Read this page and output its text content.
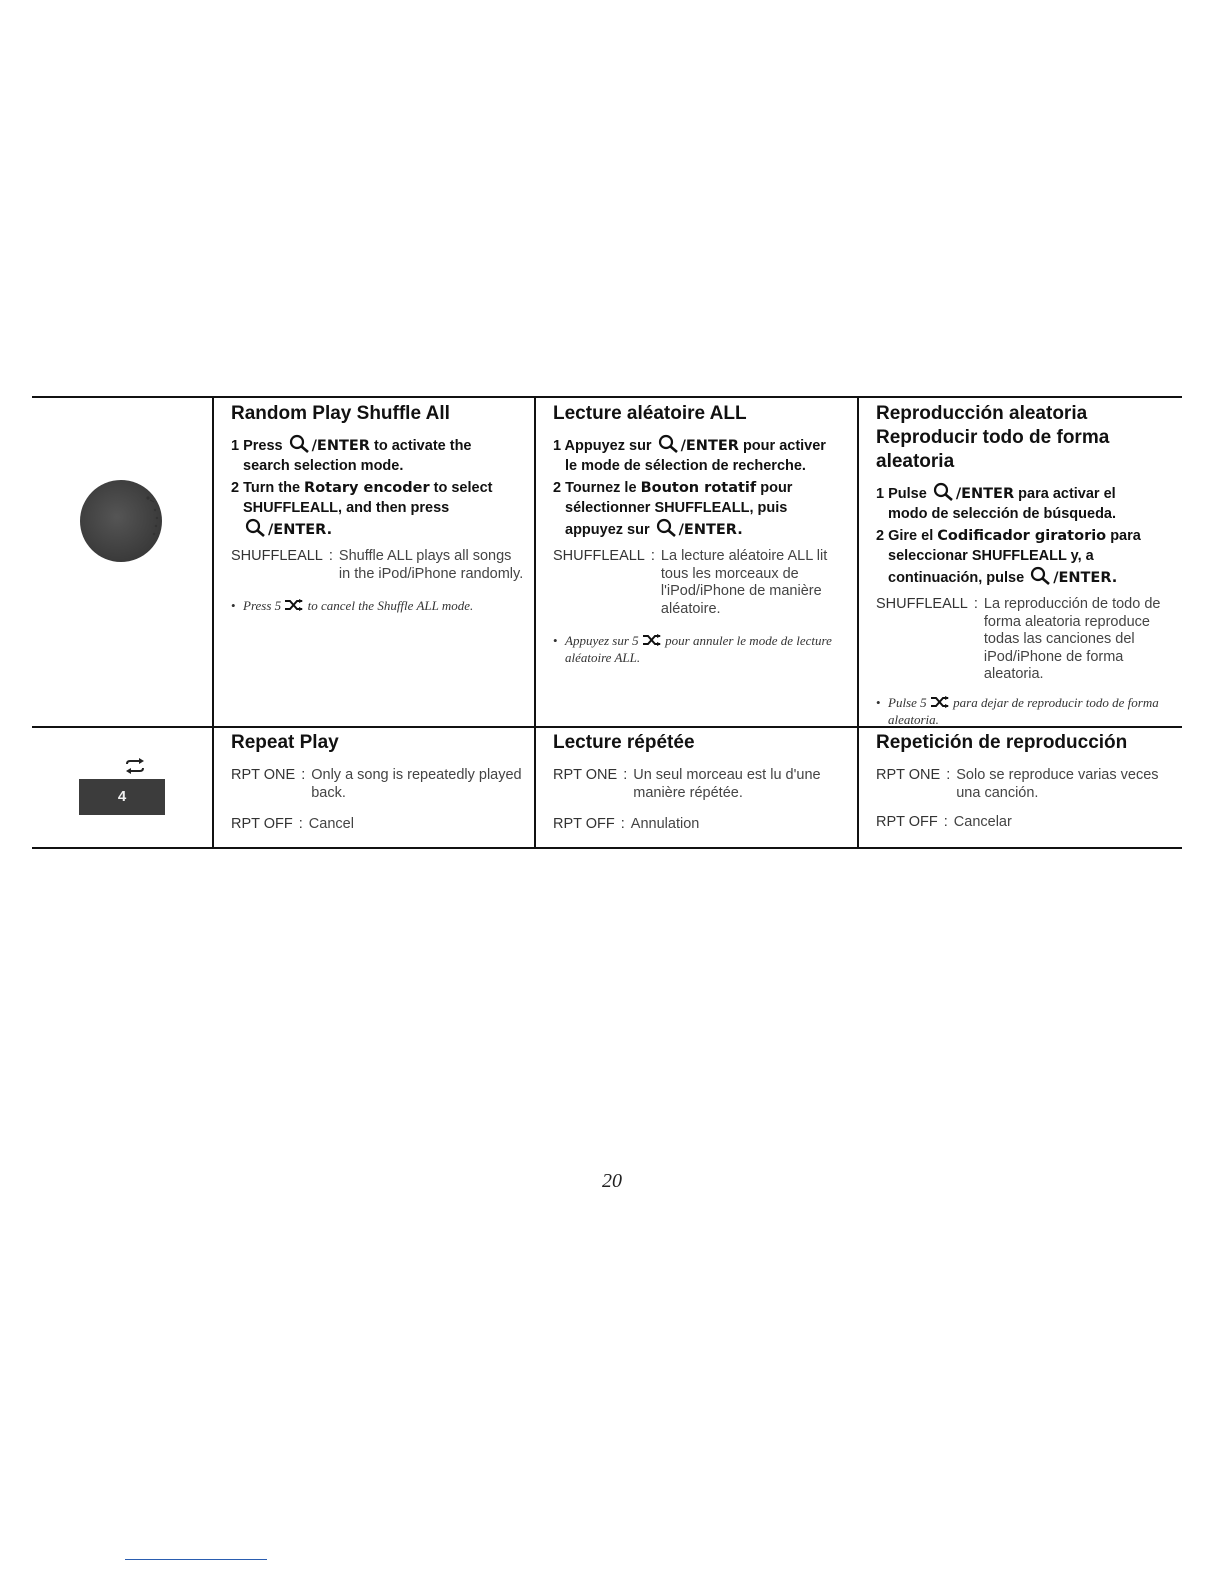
Random Play Shuffle All
1 Press /ENTER to activate the
search selection mode.
2 Turn the Rotary encoder to select
SHUFFLEALL, and then press
/ENTER.
SHUFFLEALL : Shuffle ALL plays all songs in the iPod/iPhone randomly.
• Press 5 to cancel the Shuffle ALL mode.
Lecture aléatoire ALL
1 Appuyez sur /ENTER pour activer
le mode de sélection de recherche.
2 Tournez le Bouton rotatif pour
sélectionner SHUFFLEALL, puis
appuyez sur /ENTER.
SHUFFLEALL : La lecture aléatoire ALL lit tous les morceaux de l'iPod/iPhone de manière aléatoire.
• Appuyez sur 5 pour annuler le mode de lecture aléatoire ALL.
Reproducción aleatoria
Reproducir todo de forma aleatoria
1 Pulse /ENTER para activar el
modo de selección de búsqueda.
2 Gire el Codificador giratorio para
seleccionar SHUFFLEALL y, a
continuación, pulse /ENTER.
SHUFFLEALL : La reproducción de todo de forma aleatoria reproduce todas las canciones del iPod/iPhone de forma aleatoria.
• Pulse 5 para dejar de reproducir todo de forma aleatoria.
4
Repeat Play
RPT ONE : Only a song is repeatedly played back.
RPT OFF : Cancel
Lecture répétée
RPT ONE : Un seul morceau est lu d'une manière répétée.
RPT OFF : Annulation
Repetición de reproducción
RPT ONE : Solo se reproduce varias veces una canción.
RPT OFF : Cancelar
20
